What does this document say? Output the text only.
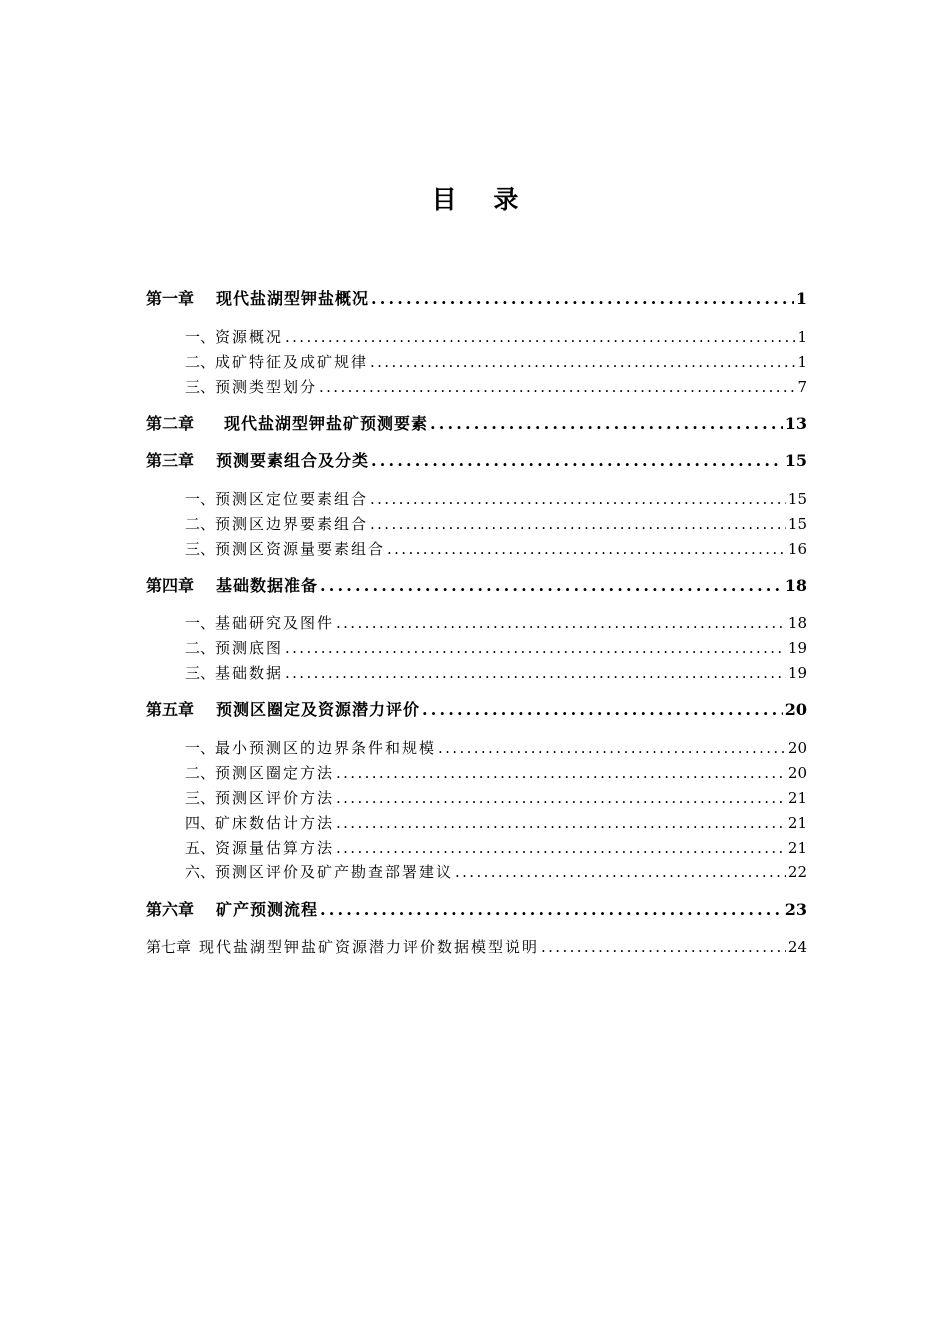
目 录
第一章 现代盐湖型钾盐概况 . . .	1
一、 资源概况 . . .	1
二、 成矿特征及成矿规律 . . .	1
三、 预测类型划分 . . .	7
第二章 现代盐湖型钾盐矿预测要素 . . .	13
第三章 预测要素组合及分类 . . .	15
一、 预测区定位要素组合 . . .	15
二、 预测区边界要素组合 . . .	15
三、 预测区资源量要素组合 . . .	16
第四章 基础数据准备 . . .	18
一、 基础研究及图件 . . .	18
二、 预测底图 . . .	19
三、 基础数据 . . .	19
第五章 预测区圈定及资源潜力评价 . . .	20
一、 最小预测区的边界条件和规模 . . .	20
二、 预测区圈定方法 . . .	20
三、 预测区评价方法 . . .	21
四、 矿床数估计方法 . . .	21
五、 资源量估算方法 . . .	21
六、 预测区评价及矿产勘查部署建议 . . .	22
第六章 矿产预测流程 . . .	23
第七章 现代盐湖型钾盐矿资源潜力评价数据模型说明 . . .	24
